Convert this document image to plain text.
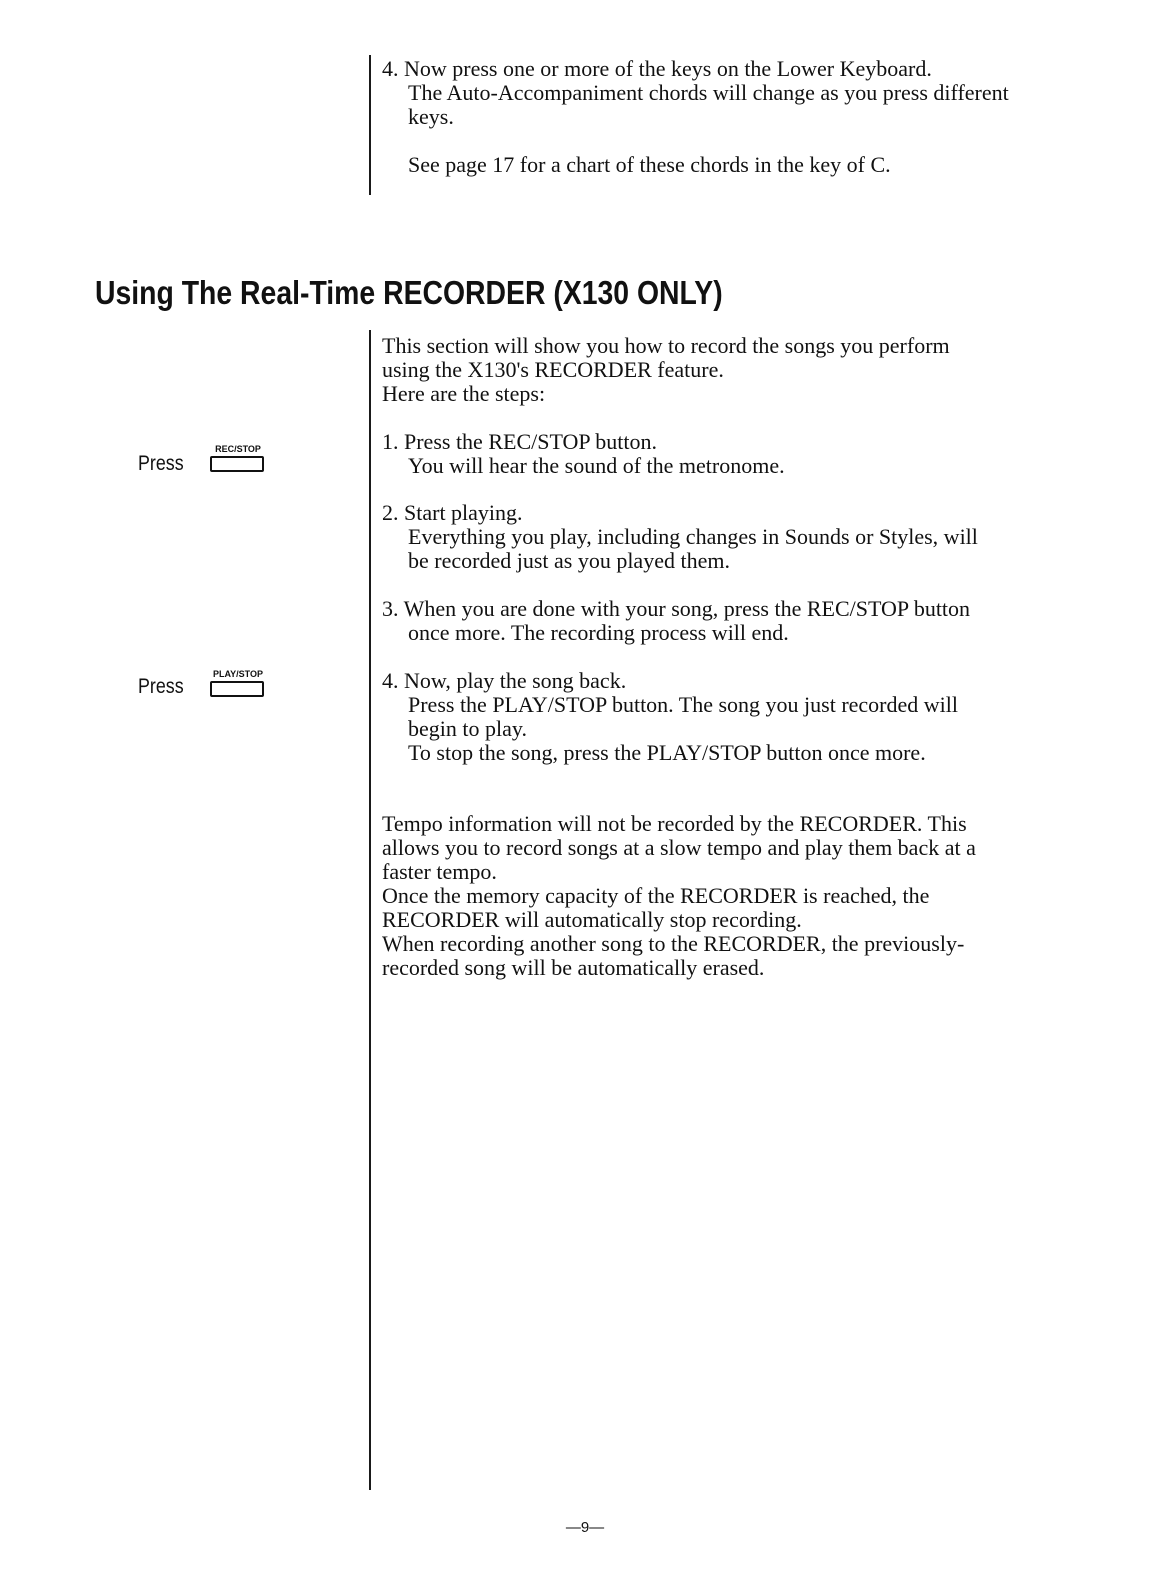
4. Now press one or more of the keys on the Lower Keyboard.
The Auto-Accompaniment chords will change as you press different
keys.
See page 17 for a chart of these chords in the key of C.
Using The Real-Time RECORDER (X130 ONLY)
This section will show you how to record the songs you perform
using the X130's RECORDER feature.
Here are the steps:
1. Press the REC/STOP button.
You will hear the sound of the metronome.
2. Start playing.
Everything you play, including changes in Sounds or Styles, will
be recorded just as you played them.
3. When you are done with your song, press the REC/STOP button
once more. The recording process will end.
4. Now, play the song back.
Press the PLAY/STOP button. The song you just recorded will
begin to play.
To stop the song, press the PLAY/STOP button once more.
Tempo information will not be recorded by the RECORDER. This
allows you to record songs at a slow tempo and play them back at a
faster tempo.
Once the memory capacity of the RECORDER is reached, the
RECORDER will automatically stop recording.
When recording another song to the RECORDER, the previously-
recorded song will be automatically erased.
Press
REC/STOP
Press
PLAY/STOP
—9—
